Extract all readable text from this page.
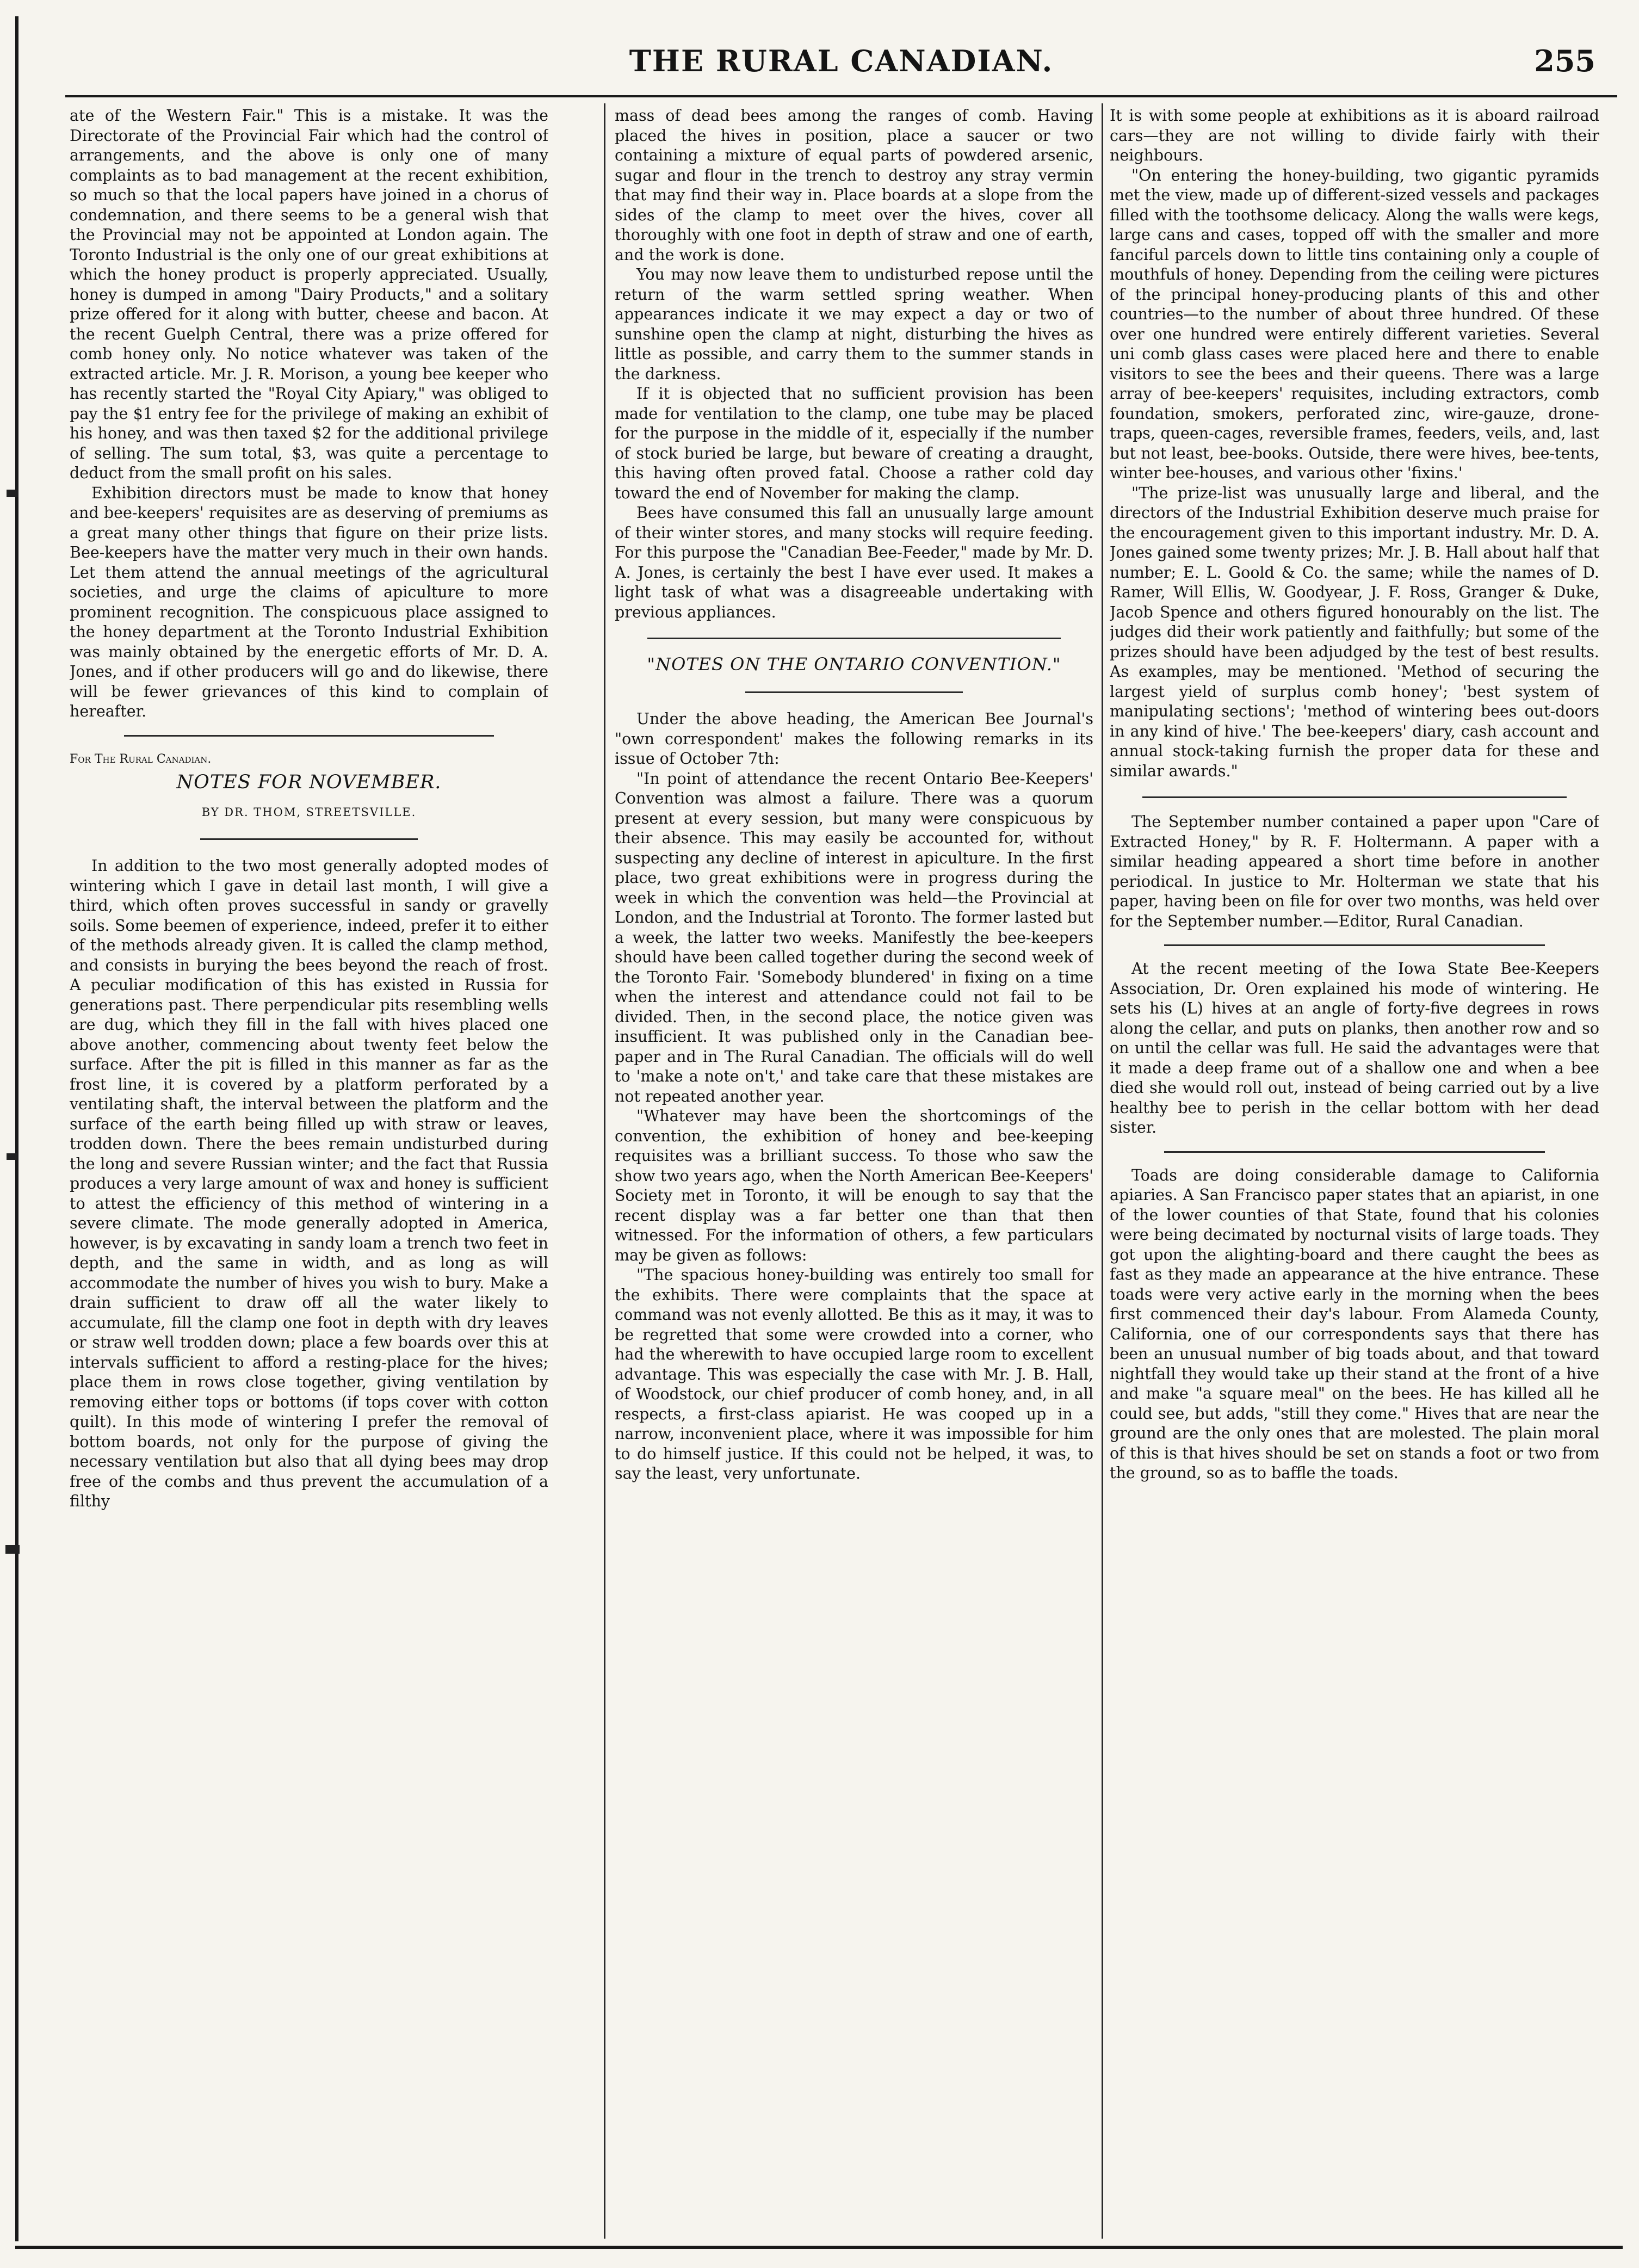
THE RURAL CANADIAN.	255

ate of the Western Fair." This is a mistake. It was the Directorate of the Provincial Fair which had the control of arrangements, and the above is only one of many complaints as to bad management at the recent exhibition, so much so that the local papers have joined in a chorus of condemnation, and there seems to be a general wish that the Provincial may not be appointed at London again. The Toronto Industrial is the only one of our great exhibitions at which the honey product is properly appreciated. Usually, honey is dumped in among "Dairy Products," and a solitary prize offered for it along with butter, cheese and bacon. At the recent Guelph Central, there was a prize offered for comb honey only. No notice whatever was taken of the extracted article. Mr. J. R. Morison, a young bee keeper who has recently started the "Royal City Apiary," was obliged to pay the $1 entry fee for the privilege of making an exhibit of his honey, and was then taxed $2 for the additional privilege of selling. The sum total, $3, was quite a percentage to deduct from the small profit on his sales.

Exhibition directors must be made to know that honey and bee-keepers' requisites are as deserving of premiums as a great many other things that figure on their prize lists. Bee-keepers have the matter very much in their own hands. Let them attend the annual meetings of the agricultural societies, and urge the claims of apiculture to more prominent recognition. The conspicuous place assigned to the honey department at the Toronto Industrial Exhibition was mainly obtained by the energetic efforts of Mr. D. A. Jones, and if other producers will go and do likewise, there will be fewer grievances of this kind to complain of hereafter.

For The Rural Canadian.

NOTES FOR NOVEMBER.

BY DR. THOM, STREETSVILLE.

In addition to the two most generally adopted modes of wintering which I gave in detail last month, I will give a third, which often proves successful in sandy or gravelly soils. Some beemen of experience, indeed, prefer it to either of the methods already given. It is called the clamp method, and consists in burying the bees beyond the reach of frost. A peculiar modification of this has existed in Russia for generations past. There perpendicular pits resembling wells are dug, which they fill in the fall with hives placed one above another, commencing about twenty feet below the surface. After the pit is filled in this manner as far as the frost line, it is covered by a platform perforated by a ventilating shaft, the interval between the platform and the surface of the earth being filled up with straw or leaves, trodden down. There the bees remain undisturbed during the long and severe Russian winter; and the fact that Russia produces a very large amount of wax and honey is sufficient to attest the efficiency of this method of wintering in a severe climate. The mode generally adopted in America, however, is by excavating in sandy loam a trench two feet in depth, and the same in width, and as long as will accommodate the number of hives you wish to bury. Make a drain sufficient to draw off all the water likely to accumulate, fill the clamp one foot in depth with dry leaves or straw well trodden down; place a few boards over this at intervals sufficient to afford a resting-place for the hives; place them in rows close together, giving ventilation by removing either tops or bottoms (if tops cover with cotton quilt). In this mode of wintering I prefer the removal of bottom boards, not only for the purpose of giving the necessary ventilation but also that all dying bees may drop free of the combs and thus prevent the accumulation of a filthy

mass of dead bees among the ranges of comb. Having placed the hives in position, place a saucer or two containing a mixture of equal parts of powdered arsenic, sugar and flour in the trench to destroy any stray vermin that may find their way in. Place boards at a slope from the sides of the clamp to meet over the hives, cover all thoroughly with one foot in depth of straw and one of earth, and the work is done.

You may now leave them to undisturbed repose until the return of the warm settled spring weather. When appearances indicate it we may expect a day or two of sunshine open the clamp at night, disturbing the hives as little as possible, and carry them to the summer stands in the darkness.

If it is objected that no sufficient provision has been made for ventilation to the clamp, one tube may be placed for the purpose in the middle of it, especially if the number of stock buried be large, but beware of creating a draught, this having often proved fatal. Choose a rather cold day toward the end of November for making the clamp.

Bees have consumed this fall an unusually large amount of their winter stores, and many stocks will require feeding. For this purpose the "Canadian Bee-Feeder," made by Mr. D. A. Jones, is certainly the best I have ever used. It makes a light task of what was a disagreeable undertaking with previous appliances.

"NOTES ON THE ONTARIO CONVENTION."

Under the above heading, the American Bee Journal's "own correspondent' makes the following remarks in its issue of October 7th:

"In point of attendance the recent Ontario Bee-Keepers' Convention was almost a failure. There was a quorum present at every session, but many were conspicuous by their absence. This may easily be accounted for, without suspecting any decline of interest in apiculture. In the first place, two great exhibitions were in progress during the week in which the convention was held—the Provincial at London, and the Industrial at Toronto. The former lasted but a week, the latter two weeks. Manifestly the bee-keepers should have been called together during the second week of the Toronto Fair. 'Somebody blundered' in fixing on a time when the interest and attendance could not fail to be divided. Then, in the second place, the notice given was insufficient. It was published only in the Canadian bee-paper and in The Rural Canadian. The officials will do well to 'make a note on't,' and take care that these mistakes are not repeated another year.

"Whatever may have been the shortcomings of the convention, the exhibition of honey and bee-keeping requisites was a brilliant success. To those who saw the show two years ago, when the North American Bee-Keepers' Society met in Toronto, it will be enough to say that the recent display was a far better one than that then witnessed. For the information of others, a few particulars may be given as follows:

"The spacious honey-building was entirely too small for the exhibits. There were complaints that the space at command was not evenly allotted. Be this as it may, it was to be regretted that some were crowded into a corner, who had the wherewith to have occupied large room to excellent advantage. This was especially the case with Mr. J. B. Hall, of Woodstock, our chief producer of comb honey, and, in all respects, a first-class apiarist. He was cooped up in a narrow, inconvenient place, where it was impossible for him to do himself justice. If this could not be helped, it was, to say the least, very unfortunate.

It is with some people at exhibitions as it is aboard railroad cars—they are not willing to divide fairly with their neighbours.

"On entering the honey-building, two gigantic pyramids met the view, made up of different-sized vessels and packages filled with the toothsome delicacy. Along the walls were kegs, large cans and cases, topped off with the smaller and more fanciful parcels down to little tins containing only a couple of mouthfuls of honey. Depending from the ceiling were pictures of the principal honey-producing plants of this and other countries—to the number of about three hundred. Of these over one hundred were entirely different varieties. Several uni comb glass cases were placed here and there to enable visitors to see the bees and their queens. There was a large array of bee-keepers' requisites, including extractors, comb foundation, smokers, perforated zinc, wire-gauze, drone-traps, queen-cages, reversible frames, feeders, veils, and, last but not least, bee-books. Outside, there were hives, bee-tents, winter bee-houses, and various other 'fixins.'

"The prize-list was unusually large and liberal, and the directors of the Industrial Exhibition deserve much praise for the encouragement given to this important industry. Mr. D. A. Jones gained some twenty prizes; Mr. J. B. Hall about half that number; E. L. Goold & Co. the same; while the names of D. Ramer, Will Ellis, W. Goodyear, J. F. Ross, Granger & Duke, Jacob Spence and others figured honourably on the list. The judges did their work patiently and faithfully; but some of the prizes should have been adjudged by the test of best results. As examples, may be mentioned. 'Method of securing the largest yield of surplus comb honey'; 'best system of manipulating sections'; 'method of wintering bees out-doors in any kind of hive.' The bee-keepers' diary, cash account and annual stock-taking furnish the proper data for these and similar awards."

The September number contained a paper upon "Care of Extracted Honey," by R. F. Holtermann. A paper with a similar heading appeared a short time before in another periodical. In justice to Mr. Holterman we state that his paper, having been on file for over two months, was held over for the September number.—Editor, Rural Canadian.

At the recent meeting of the Iowa State Bee-Keepers Association, Dr. Oren explained his mode of wintering. He sets his (L) hives at an angle of forty-five degrees in rows along the cellar, and puts on planks, then another row and so on until the cellar was full. He said the advantages were that it made a deep frame out of a shallow one and when a bee died she would roll out, instead of being carried out by a live healthy bee to perish in the cellar bottom with her dead sister.

Toads are doing considerable damage to California apiaries. A San Francisco paper states that an apiarist, in one of the lower counties of that State, found that his colonies were being decimated by nocturnal visits of large toads. They got upon the alighting-board and there caught the bees as fast as they made an appearance at the hive entrance. These toads were very active early in the morning when the bees first commenced their day's labour. From Alameda County, California, one of our correspondents says that there has been an unusual number of big toads about, and that toward nightfall they would take up their stand at the front of a hive and make "a square meal" on the bees. He has killed all he could see, but adds, "still they come." Hives that are near the ground are the only ones that are molested. The plain moral of this is that hives should be set on stands a foot or two from the ground, so as to baffle the toads.
